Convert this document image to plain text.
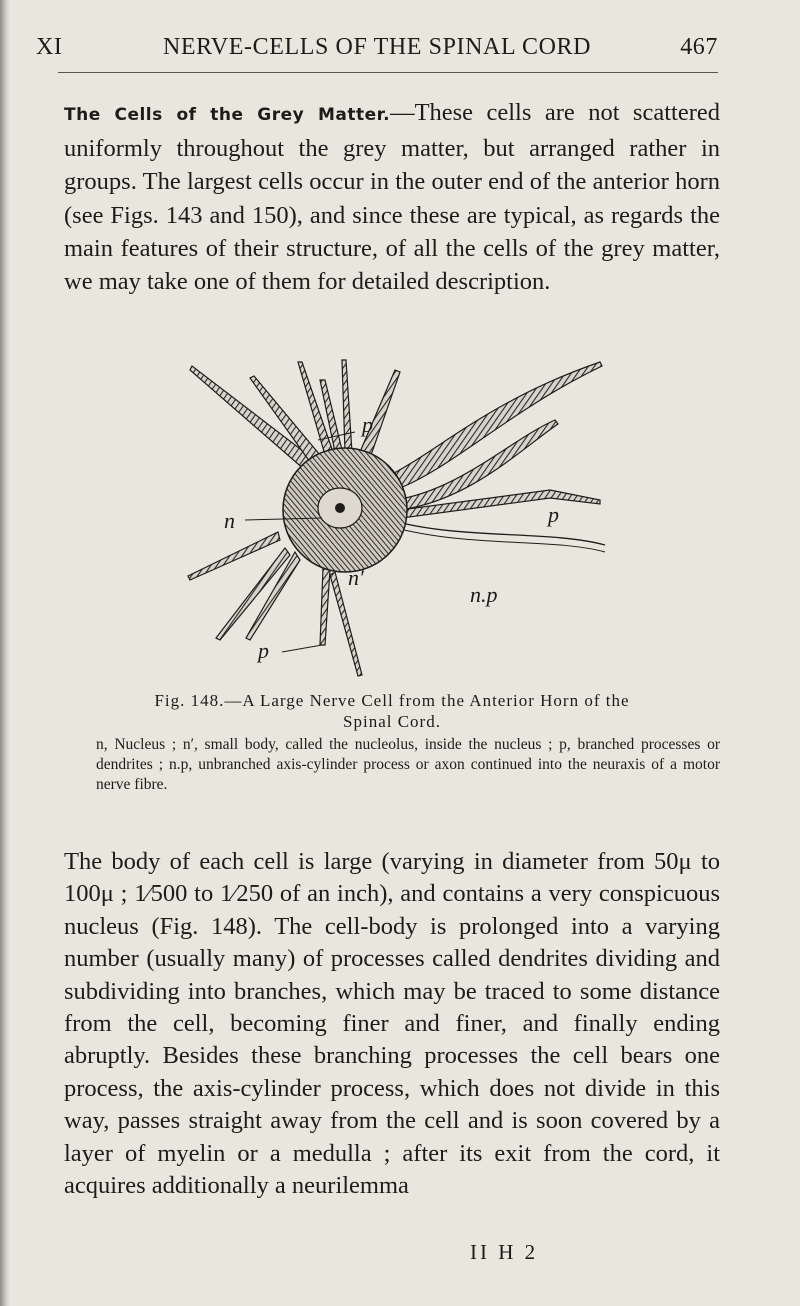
XI	NERVE-CELLS OF THE SPINAL CORD	467

The Cells of the Grey Matter.—These cells are not scattered uniformly throughout the grey matter, but arranged rather in groups. The largest cells occur in the outer end of the anterior horn (see Figs. 143 and 150), and since these are typical, as regards the main features of their structure, of all the cells of the grey matter, we may take one of them for detailed description.

p
n	p
n′
n.p
p
Fig. 148.—A Large Nerve Cell from the Anterior Horn of the
Spinal Cord.
n, Nucleus ; n′, small body, called the nucleolus, inside the nucleus ; p, branched processes or dendrites ; n.p, unbranched axis-cylinder process or axon continued into the neuraxis of a motor nerve fibre.

The body of each cell is large (varying in diameter from 50μ to 100μ ; 1⁄500 to 1⁄250 of an inch), and contains a very conspicuous nucleus (Fig. 148). The cell-body is prolonged into a varying number (usually many) of processes called dendrites dividing and subdividing into branches, which may be traced to some distance from the cell, becoming finer and finer, and finally ending abruptly. Besides these branching processes the cell bears one process, the axis-cylinder process, which does not divide in this way, passes straight away from the cell and is soon covered by a layer of myelin or a medulla ; after its exit from the cord, it acquires additionally a neurilemma

II H 2
